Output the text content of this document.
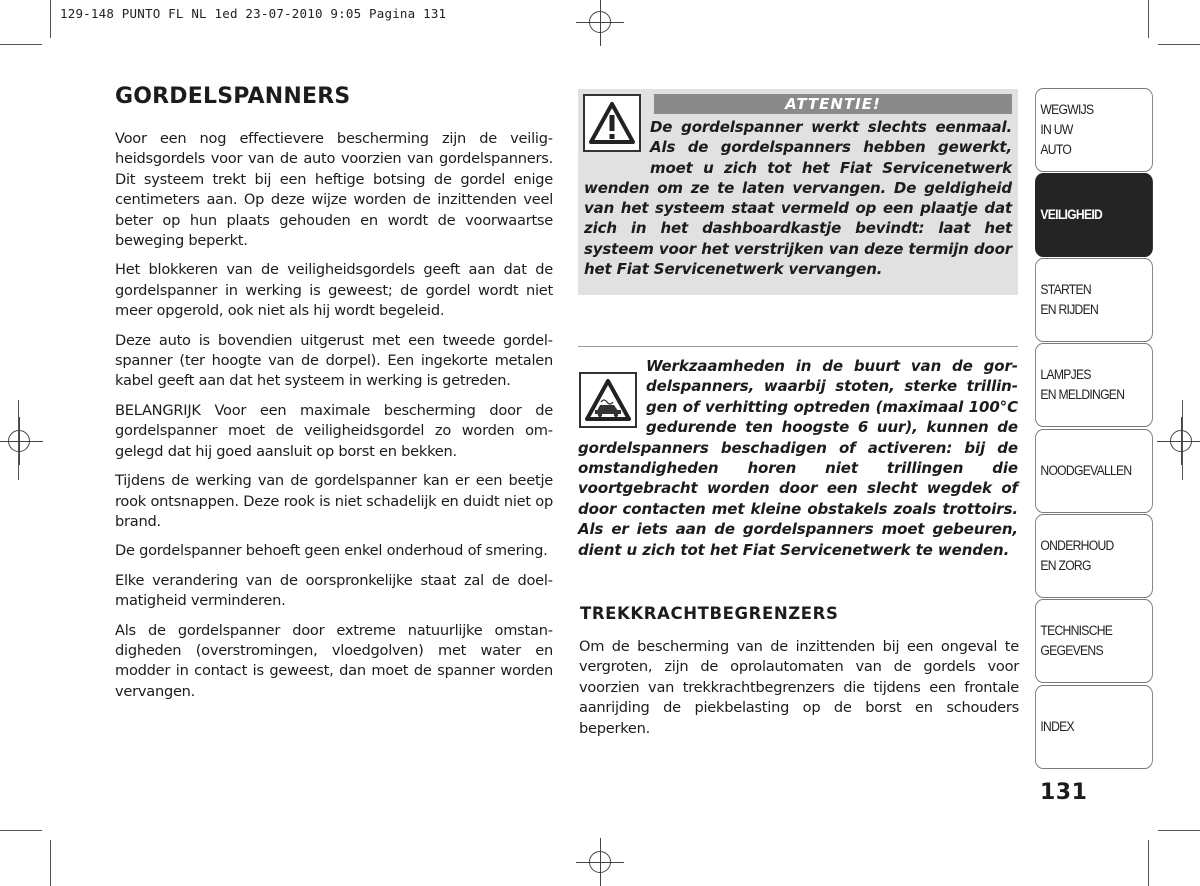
129-148 PUNTO FL NL 1ed 23-07-2010 9:05 Pagina 131
GORDELSPANNERS

Voor een nog effectievere bescherming zijn de veiligheidsgordels voor van de auto voorzien van gordelspanners. Dit systeem trekt bij een heftige botsing de gordel enige centimeters aan. Op deze wijze worden de inzittenden veel beter op hun plaats gehouden en wordt de voorwaartse beweging beperkt.

Het blokkeren van de veiligheidsgordels geeft aan dat de gordelspanner in werking is geweest; de gordel wordt niet meer opgerold, ook niet als hij wordt begeleid.

Deze auto is bovendien uitgerust met een tweede gordelspanner (ter hoogte van de dorpel). Een ingekorte metalen kabel geeft aan dat het systeem in werking is getreden.

BELANGRIJK Voor een maximale bescherming door de gordelspanner moet de veiligheidsgordel zo worden omgelegd dat hij goed aansluit op borst en bekken.

Tijdens de werking van de gordelspanner kan er een beetje rook ontsnappen. Deze rook is niet schadelijk en duidt niet op brand.

De gordelspanner behoeft geen enkel onderhoud of smering.

Elke verandering van de oorspronkelijke staat zal de doelmatigheid verminderen.

Als de gordelspanner door extreme natuurlijke omstandigheden (overstromingen, vloedgolven) met water en modder in contact is geweest, dan moet de spanner worden vervangen.

ATTENTIE!
De gordelspanner werkt slechts eenmaal. Als de gordelspanners hebben gewerkt, moet u zich tot het Fiat Servicenetwerk wenden om ze te laten vervangen. De geldigheid van het systeem staat vermeld op een plaatje dat zich in het dashboardkastje bevindt: laat het systeem voor het verstrijken van deze termijn door het Fiat Servicenetwerk vervangen.
Werkzaamheden in de buurt van de gordelspanners, waarbij stoten, sterke trillingen of verhitting optreden (maximaal 100°C gedurende ten hoogste 6 uur), kunnen de gordelspanners beschadigen of activeren: bij de omstandigheden horen niet trillingen die voortgebracht worden door een slecht wegdek of door contacten met kleine obstakels zoals trottoirs. Als er iets aan de gordelspanners moet gebeuren, dient u zich tot het Fiat Servicenetwerk te wenden.
TREKKRACHTBEGRENZERS

Om de bescherming van de inzittenden bij een ongeval te vergroten, zijn de oprolautomaten van de gordels voor voorzien van trekkrachtbegrenzers die tijdens een frontale aanrijding de piekbelasting op de borst en schouders beperken.

WEGWIJS
IN UW
AUTO
VEILIGHEID
STARTEN
EN RIJDEN
LAMPJES
EN MELDINGEN
NOODGEVALLEN
ONDERHOUD
EN ZORG
TECHNISCHE
GEGEVENS
INDEX
131
